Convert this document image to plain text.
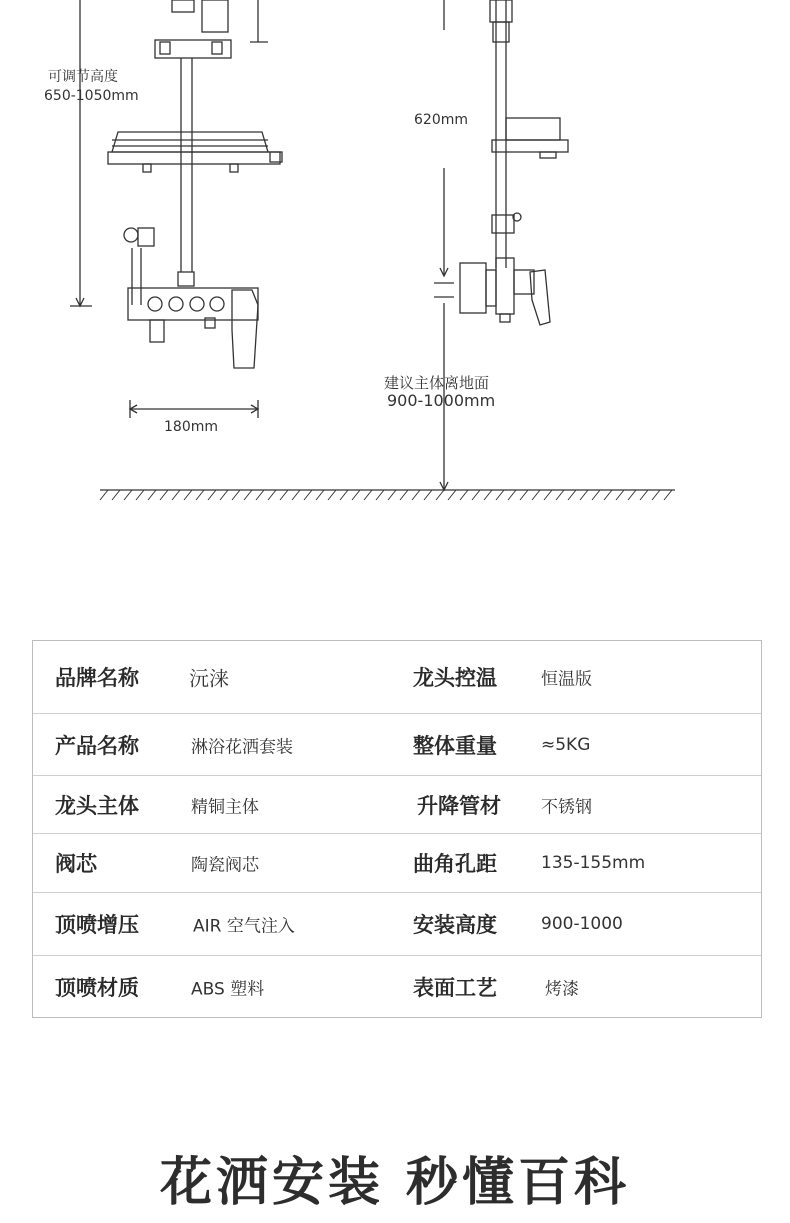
可调节高度
650-1050mm
620mm
180mm
建议主体离地面
900-1000mm
品牌名称	沅涞	龙头控温	恒温版
产品名称	淋浴花洒套装	整体重量	≈5KG
龙头主体	精铜主体	升降管材 不锈钢
阀芯	陶瓷阀芯	曲角孔距	135-155mm
顶喷增压	AIR 空气注入	安装高度	900-1000
顶喷材质	ABS 塑料	表面工艺	烤漆
花洒安装 秒懂百科
